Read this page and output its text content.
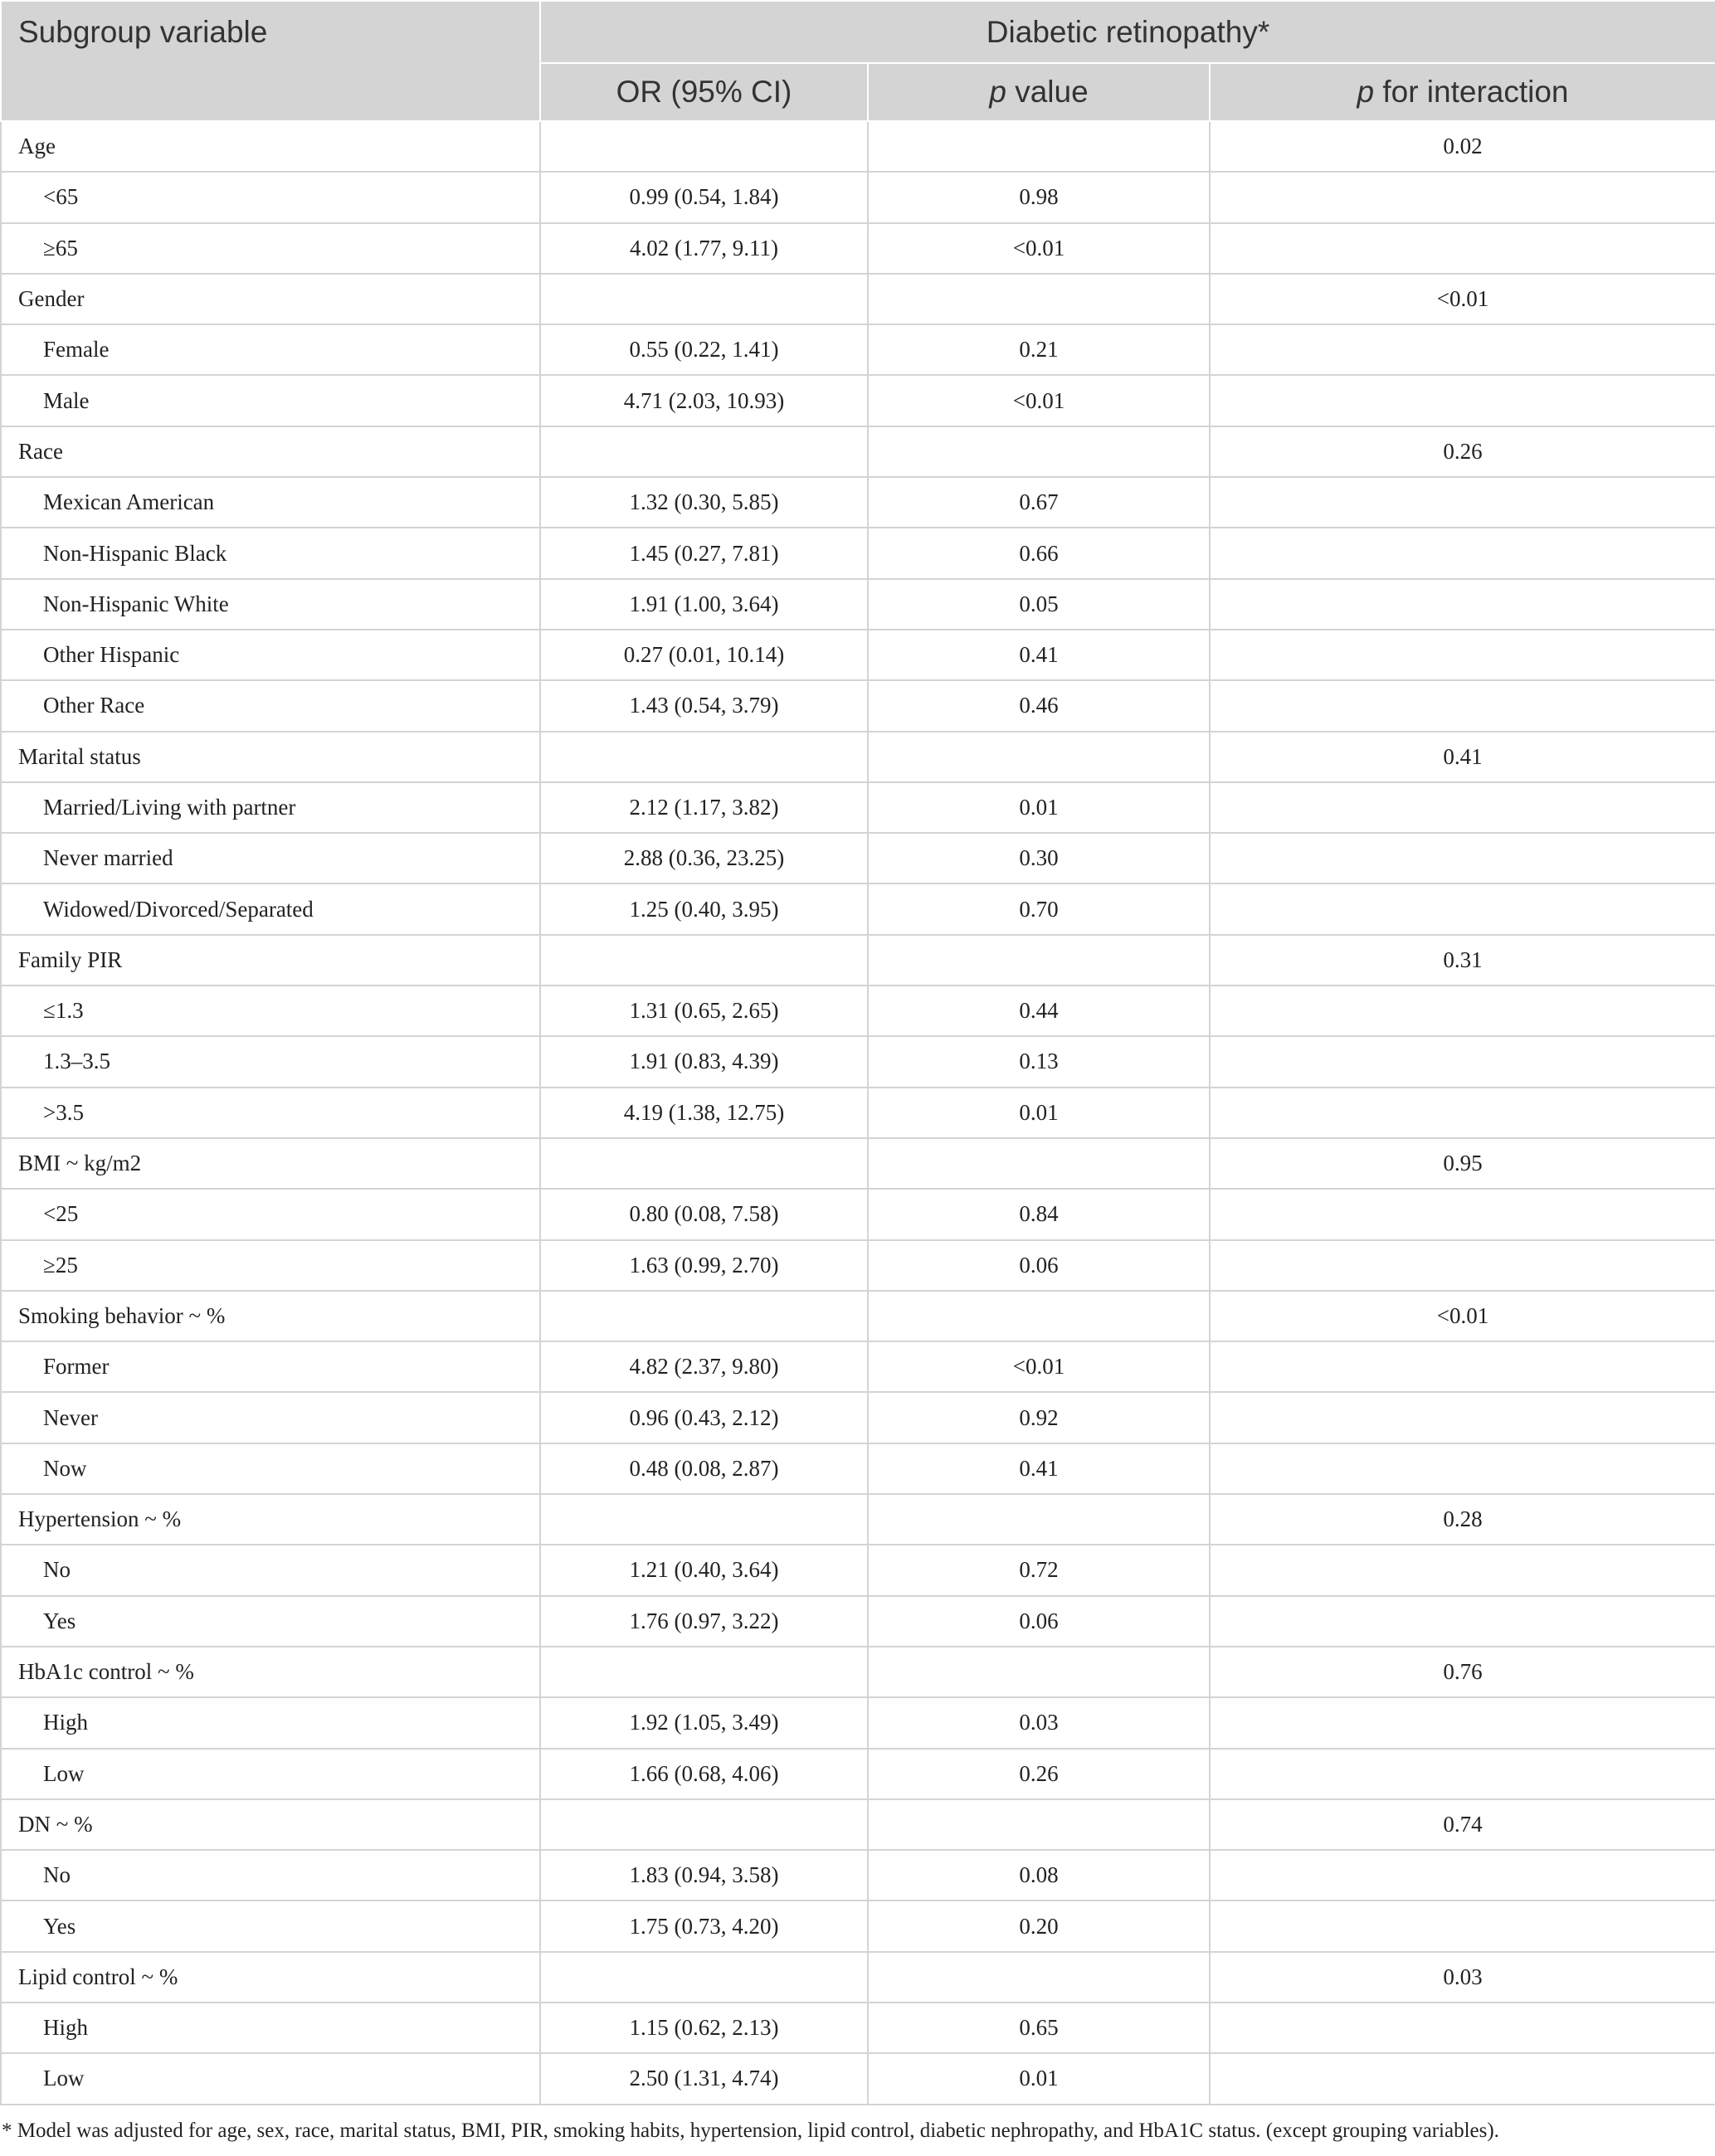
Subgroup variable	Diabetic retinopathy*		
	OR (95% CI)	p value	p for interaction
Age			0.02
<65	0.99 (0.54, 1.84)	0.98	
≥65	4.02 (1.77, 9.11)	<0.01	
Gender			<0.01
Female	0.55 (0.22, 1.41)	0.21	
Male	4.71 (2.03, 10.93)	<0.01	
Race			0.26
Mexican American	1.32 (0.30, 5.85)	0.67	
Non-Hispanic Black	1.45 (0.27, 7.81)	0.66	
Non-Hispanic White	1.91 (1.00, 3.64)	0.05	
Other Hispanic	0.27 (0.01, 10.14)	0.41	
Other Race	1.43 (0.54, 3.79)	0.46	
Marital status			0.41
Married/Living with partner	2.12 (1.17, 3.82)	0.01	
Never married	2.88 (0.36, 23.25)	0.30	
Widowed/Divorced/Separated	1.25 (0.40, 3.95)	0.70	
Family PIR			0.31
≤1.3	1.31 (0.65, 2.65)	0.44	
1.3–3.5	1.91 (0.83, 4.39)	0.13	
>3.5	4.19 (1.38, 12.75)	0.01	
BMI ~ kg/m2			0.95
<25	0.80 (0.08, 7.58)	0.84	
≥25	1.63 (0.99, 2.70)	0.06	
Smoking behavior ~ %			<0.01
Former	4.82 (2.37, 9.80)	<0.01	
Never	0.96 (0.43, 2.12)	0.92	
Now	0.48 (0.08, 2.87)	0.41	
Hypertension ~ %			0.28
No	1.21 (0.40, 3.64)	0.72	
Yes	1.76 (0.97, 3.22)	0.06	
HbA1c control ~ %			0.76
High	1.92 (1.05, 3.49)	0.03	
Low	1.66 (0.68, 4.06)	0.26	
DN ~ %			0.74
No	1.83 (0.94, 3.58)	0.08	
Yes	1.75 (0.73, 4.20)	0.20	
Lipid control ~ %			0.03
High	1.15 (0.62, 2.13)	0.65	
Low	2.50 (1.31, 4.74)	0.01	
* Model was adjusted for age, sex, race, marital status, BMI, PIR, smoking habits, hypertension, lipid control, diabetic nephropathy, and HbA1C status. (except grouping variables).
